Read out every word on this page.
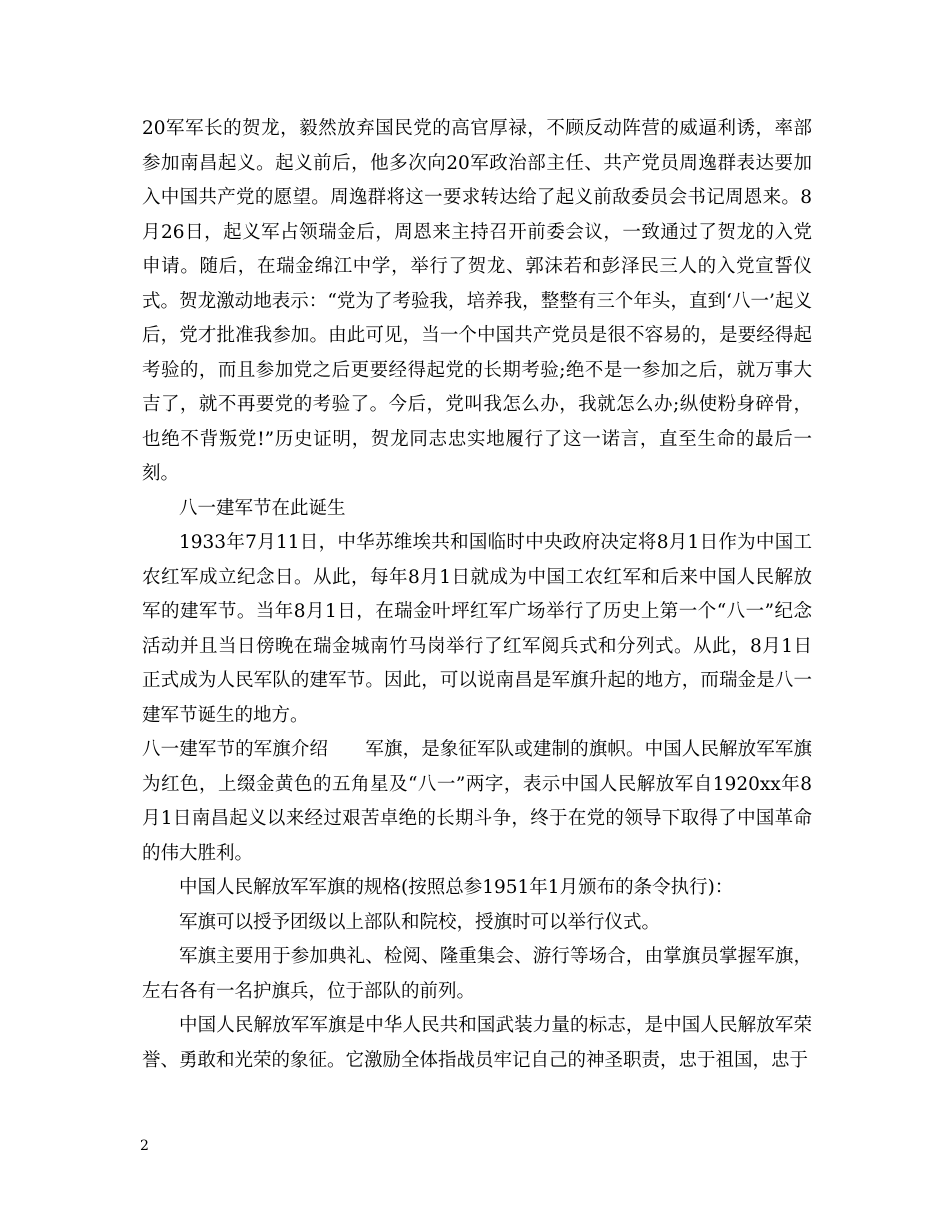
20军军长的贺龙，毅然放弃国民党的高官厚禄，不顾反动阵营的威逼利诱，率部参加南昌起义。起义前后，他多次向20军政治部主任、共产党员周逸群表达要加入中国共产党的愿望。周逸群将这一要求转达给了起义前敌委员会书记周恩来。8月26日，起义军占领瑞金后，周恩来主持召开前委会议，一致通过了贺龙的入党申请。随后，在瑞金绵江中学，举行了贺龙、郭沫若和彭泽民三人的入党宣誓仪式。贺龙激动地表示：“党为了考验我，培养我，整整有三个年头，直到‘八一’起义后，党才批准我参加。由此可见，当一个中国共产党员是很不容易的，是要经得起考验的，而且参加党之后更要经得起党的长期考验;绝不是一参加之后，就万事大吉了，就不再要党的考验了。今后，党叫我怎么办，我就怎么办;纵使粉身碎骨，也绝不背叛党!”历史证明，贺龙同志忠实地履行了这一诺言，直至生命的最后一刻。

八一建军节在此诞生

1933年7月11日，中华苏维埃共和国临时中央政府决定将8月1日作为中国工农红军成立纪念日。从此，每年8月1日就成为中国工农红军和后来中国人民解放军的建军节。当年8月1日，在瑞金叶坪红军广场举行了历史上第一个“八一”纪念活动并且当日傍晚在瑞金城南竹马岗举行了红军阅兵式和分列式。从此，8月1日正式成为人民军队的建军节。因此，可以说南昌是军旗升起的地方，而瑞金是八一建军节诞生的地方。

八一建军节的军旗介绍　　军旗，是象征军队或建制的旗帜。中国人民解放军军旗为红色，上缀金黄色的五角星及“八一”两字，表示中国人民解放军自1920xx年8月1日南昌起义以来经过艰苦卓绝的长期斗争，终于在党的领导下取得了中国革命的伟大胜利。

中国人民解放军军旗的规格(按照总参1951年1月颁布的条令执行)：

军旗可以授予团级以上部队和院校，授旗时可以举行仪式。

军旗主要用于参加典礼、检阅、隆重集会、游行等场合，由掌旗员掌握军旗，左右各有一名护旗兵，位于部队的前列。

中国人民解放军军旗是中华人民共和国武装力量的标志，是中国人民解放军荣誉、勇敢和光荣的象征。它激励全体指战员牢记自己的神圣职责，忠于祖国，忠于

2
